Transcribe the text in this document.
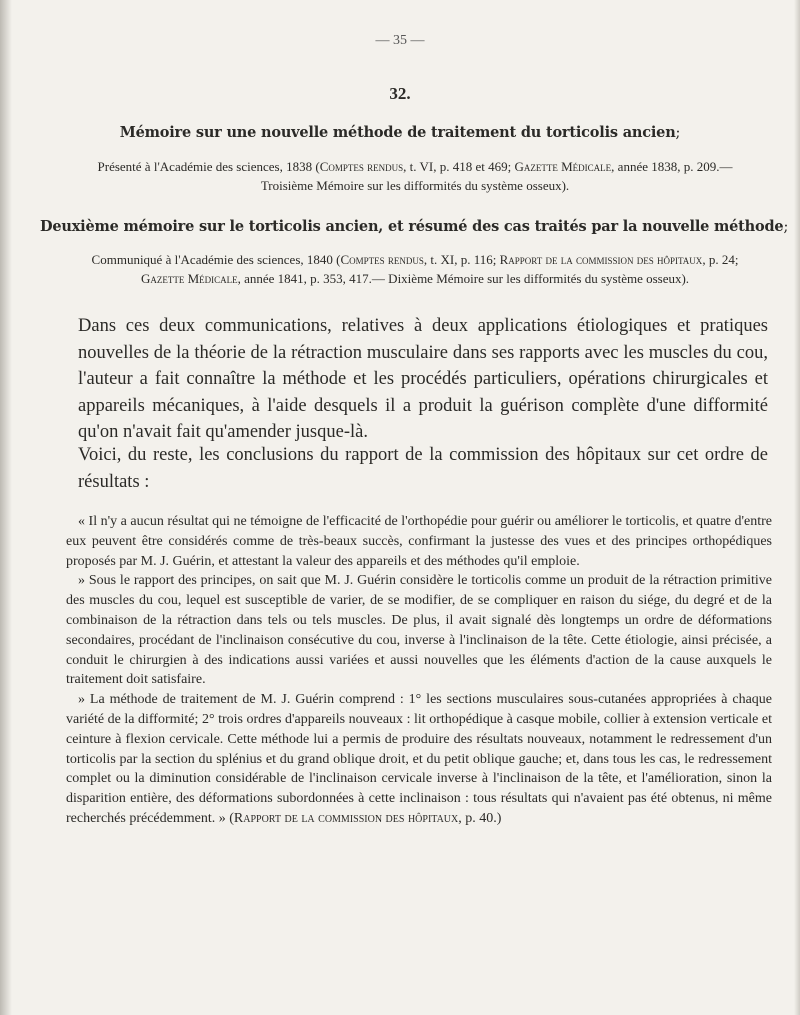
— 35 —
32.
Mémoire sur une nouvelle méthode de traitement du torticolis ancien;
Présenté à l'Académie des sciences, 1838 (Comptes rendus, t. VI, p. 418 et 469; Gazette Médicale, année 1838, p. 209.— Troisième Mémoire sur les difformités du système osseux).
Deuxième mémoire sur le torticolis ancien, et résumé des cas traités par la nouvelle méthode;
Communiqué à l'Académie des sciences, 1840 (Comptes rendus, t. XI, p. 116; Rapport de la commission des hôpitaux, p. 24; Gazette Médicale, année 1841, p. 353, 417.— Dixième Mémoire sur les difformités du système osseux).

Dans ces deux communications, relatives à deux applications étiologiques et pratiques nouvelles de la théorie de la rétraction musculaire dans ses rapports avec les muscles du cou, l'auteur a fait connaître la méthode et les procédés particuliers, opérations chirurgicales et appareils mécaniques, à l'aide desquels il a produit la guérison complète d'une difformité qu'on n'avait fait qu'amender jusque-là.

Voici, du reste, les conclusions du rapport de la commission des hôpitaux sur cet ordre de résultats :

« Il n'y a aucun résultat qui ne témoigne de l'efficacité de l'orthopédie pour guérir ou améliorer le torticolis, et quatre d'entre eux peuvent être considérés comme de très-beaux succès, confirmant la justesse des vues et des principes orthopédiques proposés par M. J. Guérin, et attestant la valeur des appareils et des méthodes qu'il emploie.

» Sous le rapport des principes, on sait que M. J. Guérin considère le torticolis comme un produit de la rétraction primitive des muscles du cou, lequel est susceptible de varier, de se modifier, de se compliquer en raison du siége, du degré et de la combinaison de la rétraction dans tels ou tels muscles. De plus, il avait signalé dès longtemps un ordre de déformations secondaires, procédant de l'inclinaison consécutive du cou, inverse à l'inclinaison de la tête. Cette étiologie, ainsi précisée, a conduit le chirurgien à des indications aussi variées et aussi nouvelles que les éléments d'action de la cause auxquels le traitement doit satisfaire.

» La méthode de traitement de M. J. Guérin comprend : 1° les sections musculaires sous-cutanées appropriées à chaque variété de la difformité; 2° trois ordres d'appareils nouveaux : lit orthopédique à casque mobile, collier à extension verticale et ceinture à flexion cervicale. Cette méthode lui a permis de produire des résultats nouveaux, notamment le redressement d'un torticolis par la section du splénius et du grand oblique droit, et du petit oblique gauche; et, dans tous les cas, le redressement complet ou la diminution considérable de l'inclinaison cervicale inverse à l'inclinaison de la tête, et l'amélioration, sinon la disparition entière, des déformations subordonnées à cette inclinaison : tous résultats qui n'avaient pas été obtenus, ni même recherchés précédemment. » (Rapport de la commission des hôpitaux, p. 40.)
